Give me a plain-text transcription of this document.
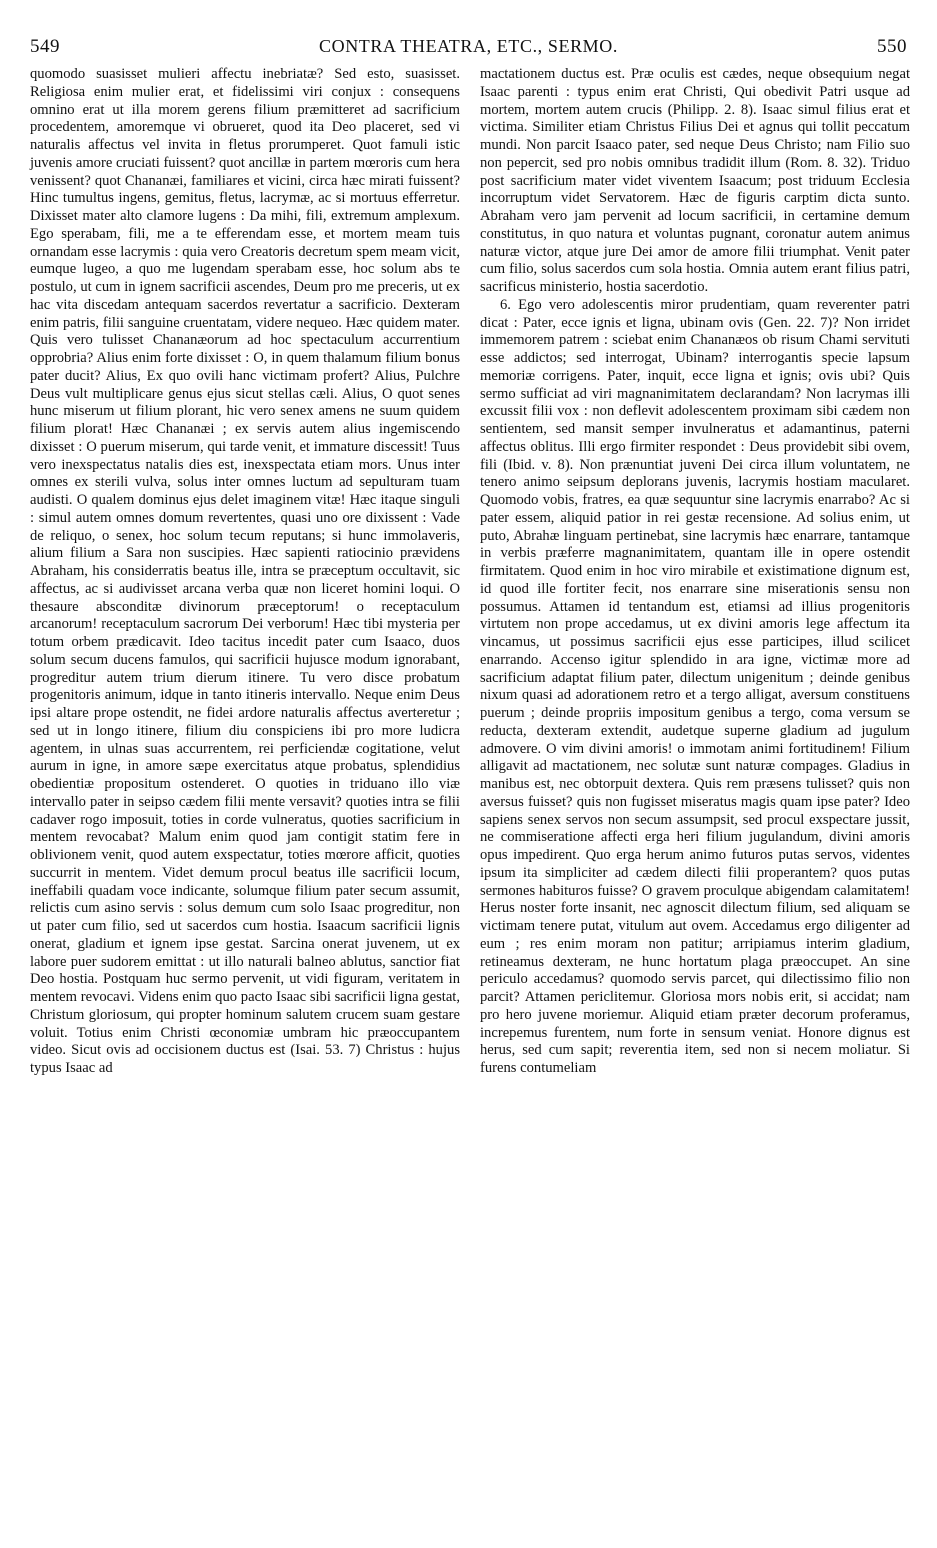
549	CONTRA THEATRA, ETC., SERMO.	550

quomodo suasisset mulieri affectu inebriatæ? Sed esto, suasisset. Religiosa enim mulier erat, et fidelissimi viri conjux : consequens omnino erat ut illa morem gerens filium præmitteret ad sacrificium procedentem, amoremque vi obrueret, quod ita Deo placeret, sed vi naturalis affectus vel invita in fletus prorumperet. Quot famuli istic juvenis amore cruciati fuissent? quot ancillæ in partem mœroris cum hera venissent? quot Chananæi, familiares et vicini, circa hæc mirati fuissent? Hinc tumultus ingens, gemitus, fletus, lacrymæ, ac si mortuus efferretur. Dixisset mater alto clamore lugens : Da mihi, fili, extremum amplexum. Ego sperabam, fili, me a te efferendam esse, et mortem meam tuis ornandam esse lacrymis : quia vero Creatoris decretum spem meam vicit, eumque lugeo, a quo me lugendam sperabam esse, hoc solum abs te postulo, ut cum in ignem sacrificii ascendes, Deum pro me preceris, ut ex hac vita discedam antequam sacerdos revertatur a sacrificio. Dexteram enim patris, filii sanguine cruentatam, videre nequeo. Hæc quidem mater. Quis vero tulisset Chananæorum ad hoc spectaculum accurrentium opprobria? Alius enim forte dixisset : O, in quem thalamum filium bonus pater ducit? Alius, Ex quo ovili hanc victimam profert? Alius, Pulchre Deus vult multiplicare genus ejus sicut stellas cæli. Alius, O quot senes hunc miserum ut filium plorant, hic vero senex amens ne suum quidem filium plorat! Hæc Chananæi ; ex servis autem alius ingemiscendo dixisset : O puerum miserum, qui tarde venit, et immature discessit! Tuus vero inexspectatus natalis dies est, inexspectata etiam mors. Unus inter omnes ex sterili vulva, solus inter omnes luctum ad sepulturam tuam audisti. O qualem dominus ejus delet imaginem vitæ! Hæc itaque singuli : simul autem omnes domum revertentes, quasi uno ore dixissent : Vade de reliquo, o senex, hoc solum tecum reputans; si hunc immolaveris, alium filium a Sara non suscipies. Hæc sapienti ratiocinio prævidens Abraham, his considerratis beatus ille, intra se præceptum occultavit, sic affectus, ac si audivisset arcana verba quæ non liceret homini loqui. O thesaure absconditæ divinorum præceptorum! o receptaculum arcanorum! receptaculum sacrorum Dei verborum! Hæc tibi mysteria per totum orbem prædicavit. Ideo tacitus incedit pater cum Isaaco, duos solum secum ducens famulos, qui sacrificii hujusce modum ignorabant, progreditur autem trium dierum itinere. Tu vero disce probatum progenitoris animum, idque in tanto itineris intervallo. Neque enim Deus ipsi altare prope ostendit, ne fidei ardore naturalis affectus averteretur ; sed ut in longo itinere, filium diu conspiciens ibi pro more ludicra agentem, in ulnas suas accurrentem, rei perficiendæ cogitatione, velut aurum in igne, in amore sæpe exercitatus atque probatus, splendidius obedientiæ propositum ostenderet. O quoties in triduano illo viæ intervallo pater in seipso cædem filii mente versavit? quoties intra se filii cadaver rogo imposuit, toties in corde vulneratus, quoties sacrificium in mentem revocabat? Malum enim quod jam contigit statim fere in oblivionem venit, quod autem exspectatur, toties mœrore afficit, quoties succurrit in mentem. Videt demum procul beatus ille sacrificii locum, ineffabili quadam voce indicante, solumque filium pater secum assumit, relictis cum asino servis : solus demum cum solo Isaac progreditur, non ut pater cum filio, sed ut sacerdos cum hostia. Isaacum sacrificii lignis onerat, gladium et ignem ipse gestat. Sarcina onerat juvenem, ut ex labore puer sudorem emittat : ut illo naturali balneo ablutus, sanctior fiat Deo hostia. Postquam huc sermo pervenit, ut vidi figuram, veritatem in mentem revocavi. Videns enim quo pacto Isaac sibi sacrificii ligna gestat, Christum gloriosum, qui propter hominum salutem crucem suam gestare voluit. Totius enim Christi œconomiæ umbram hic præoccupantem video. Sicut ovis ad occisionem ductus est (Isai. 53. 7) Christus : hujus typus Isaac ad

mactationem ductus est. Præ oculis est cædes, neque obsequium negat Isaac parenti : typus enim erat Christi, Qui obedivit Patri usque ad mortem, mortem autem crucis (Philipp. 2. 8). Isaac simul filius erat et victima. Similiter etiam Christus Filius Dei et agnus qui tollit peccatum mundi. Non parcit Isaaco pater, sed neque Deus Christo; nam Filio suo non pepercit, sed pro nobis omnibus tradidit illum (Rom. 8. 32). Triduo post sacrificium mater videt viventem Isaacum; post triduum Ecclesia incorruptum videt Servatorem. Hæc de figuris carptim dicta sunto. Abraham vero jam pervenit ad locum sacrificii, in certamine demum constitutus, in quo natura et voluntas pugnant, coronatur autem animus naturæ victor, atque jure Dei amor de amore filii triumphat. Venit pater cum filio, solus sacerdos cum sola hostia. Omnia autem erant filius patri, sacrificus ministerio, hostia sacerdotio.

6. Ego vero adolescentis miror prudentiam, quam reverenter patri dicat : Pater, ecce ignis et ligna, ubinam ovis (Gen. 22. 7)? Non irridet immemorem patrem : sciebat enim Chananæos ob risum Chami servituti esse addictos; sed interrogat, Ubinam? interrogantis specie lapsum memoriæ corrigens. Pater, inquit, ecce ligna et ignis; ovis ubi? Quis sermo sufficiat ad viri magnanimitatem declarandam? Non lacrymas illi excussit filii vox : non deflevit adolescentem proximam sibi cædem non sentientem, sed mansit semper invulneratus et adamantinus, paterni affectus oblitus. Illi ergo firmiter respondet : Deus providebit sibi ovem, fili (Ibid. v. 8). Non prænuntiat juveni Dei circa illum voluntatem, ne tenero animo seipsum deplorans juvenis, lacrymis hostiam macularet. Quomodo vobis, fratres, ea quæ sequuntur sine lacrymis enarrabo? Ac si pater essem, aliquid patior in rei gestæ recensione. Ad solius enim, ut puto, Abrahæ linguam pertinebat, sine lacrymis hæc enarrare, tantamque in verbis præferre magnanimitatem, quantam ille in opere ostendit firmitatem. Quod enim in hoc viro mirabile et existimatione dignum est, id quod ille fortiter fecit, nos enarrare sine miserationis sensu non possumus. Attamen id tentandum est, etiamsi ad illius progenitoris virtutem non prope accedamus, ut ex divini amoris lege affectum ita vincamus, ut possimus sacrificii ejus esse participes, illud scilicet enarrando. Accenso igitur splendido in ara igne, victimæ more ad sacrificium adaptat filium pater, dilectum unigenitum ; deinde genibus nixum quasi ad adorationem retro et a tergo alligat, aversum constituens puerum ; deinde propriis impositum genibus a tergo, coma versum se reducta, dexteram extendit, audetque superne gladium ad jugulum admovere. O vim divini amoris! o immotam animi fortitudinem! Filium alligavit ad mactationem, nec solutæ sunt naturæ compages. Gladius in manibus est, nec obtorpuit dextera. Quis rem præsens tulisset? quis non aversus fuisset? quis non fugisset miseratus magis quam ipse pater? Ideo sapiens senex servos non secum assumpsit, sed procul exspectare jussit, ne commiseratione affecti erga heri filium jugulandum, divini amoris opus impedirent. Quo erga herum animo futuros putas servos, videntes ipsum ita simpliciter ad cædem dilecti filii properantem? quos putas sermones habituros fuisse? O gravem proculque abigendam calamitatem! Herus noster forte insanit, nec agnoscit dilectum filium, sed aliquam se victimam tenere putat, vitulum aut ovem. Accedamus ergo diligenter ad eum ; res enim moram non patitur; arripiamus interim gladium, retineamus dexteram, ne hunc hortatum plaga præoccupet. An sine periculo accedamus? quomodo servis parcet, qui dilectissimo filio non parcit? Attamen periclitemur. Gloriosa mors nobis erit, si accidat; nam pro hero juvene moriemur. Aliquid etiam præter decorum proferamus, increpemus furentem, num forte in sensum veniat. Honore dignus est herus, sed cum sapit; reverentia item, sed non si necem moliatur. Si furens contumeliam
